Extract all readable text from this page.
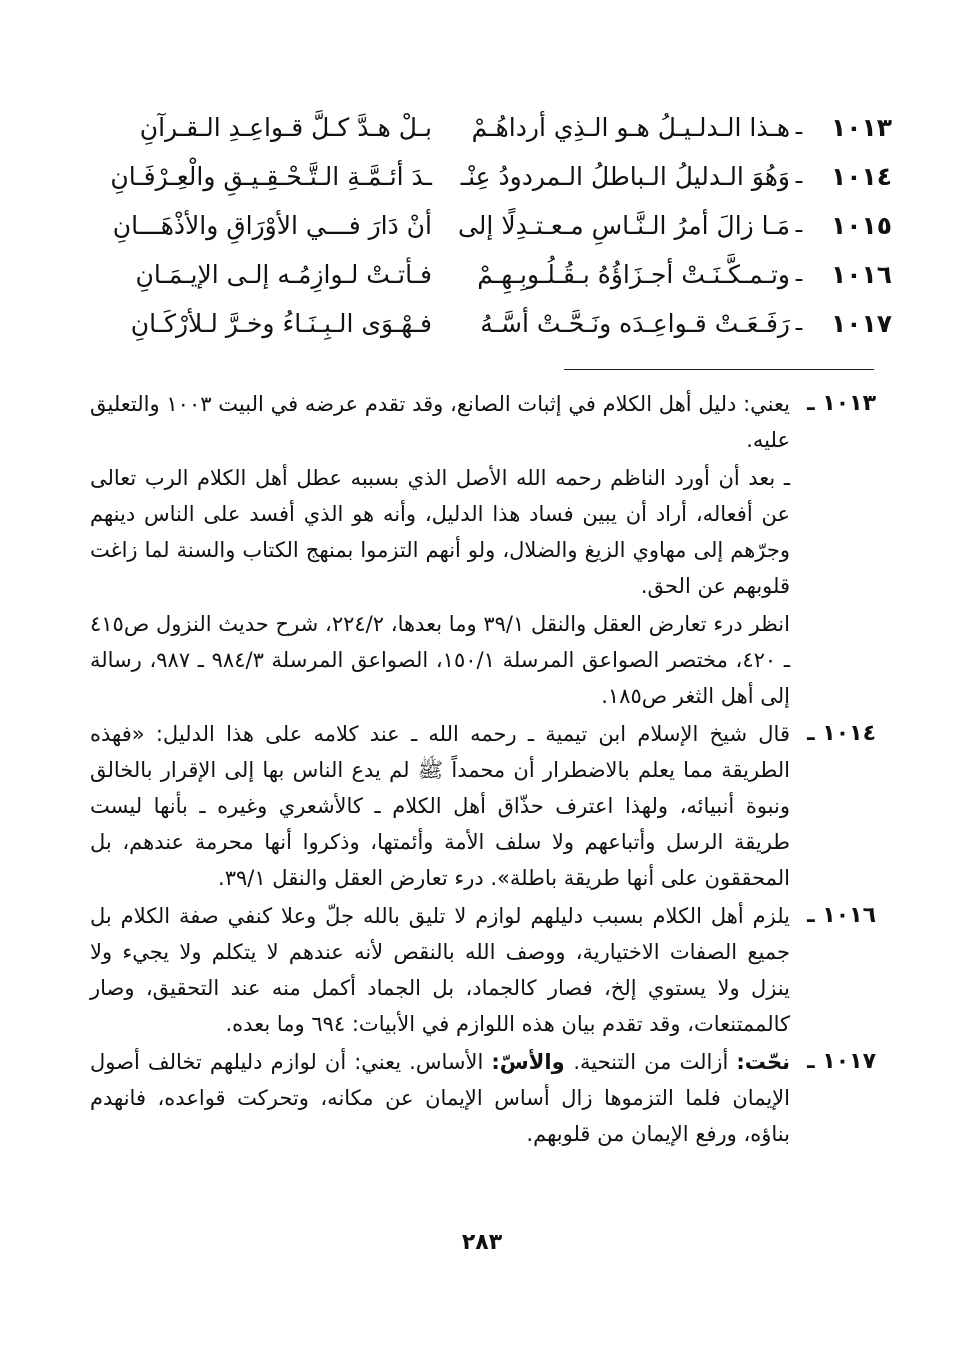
١٠١٣
ـ
هـذا الـدلـيـلُ هـو الـذِي أرداهُـمْ
بـلْ هـدَّ كـلَّ قـواعِـدِ الـقـرآنِ
١٠١٤
ـ
وَهُوَ الـدليلُ الـباطلُ الـمردودُ عِنْـ
ـدَ أئـمَّـةِ الـتَّـحْـقِـيـقِ والْعِـرْفَـانِ
١٠١٥
ـ
مَـا زالَ أمرُ الـنَّـاسِ مـعـتـدِلًا إلى
أنْ دَارَ فـــي الأوْرَاقِ والأذْهَـــانِ
١٠١٦
ـ
وتـمـكَّـنَـتْ أجـزَاؤُهُ بـقُـلُـوبِـهِـمْ
فـأتـتْ لـوازِمُـه إلـى الإيـمَـانِ
١٠١٧
ـ
رَفَـعَـتْ قـواعِـدَه ونَـحَّـتْ أسَّـهُ
فـهْـوَى الـبِـنَـاءُ وخـرَّ لـلأرْكَـانِ
١٠١٣ ـ

يعني: دليل أهل الكلام في إثبات الصانع، وقد تقدم عرضه في البيت ١٠٠٣ والتعليق عليه.

ـ بعد أن أورد الناظم رحمه الله الأصل الذي بسببه عطل أهل الكلام الرب تعالى عن أفعاله، أراد أن يبين فساد هذا الدليل، وأنه هو الذي أفسد على الناس دينهم وجرّهم إلى مهاوي الزيغ والضلال، ولو أنهم التزموا بمنهج الكتاب والسنة لما زاغت قلوبهم عن الحق.

انظر درء تعارض العقل والنقل ٣٩/١ وما بعدها، ٢٢٤/٢، شرح حديث النزول ص٤١٥ ـ ٤٢٠، مختصر الصواعق المرسلة ١٥٠/١، الصواعق المرسلة ٩٨٤/٣ ـ ٩٨٧، رسالة إلى أهل الثغر ص١٨٥.

١٠١٤ ـ

قال شيخ الإسلام ابن تيمية ـ رحمه الله ـ عند كلامه على هذا الدليل: «فهذه الطريقة مما يعلم بالاضطرار أن محمداً ﷺ لم يدع الناس بها إلى الإقرار بالخالق ونبوة أنبيائه، ولهذا اعترف حذّاق أهل الكلام ـ كالأشعري وغيره ـ بأنها ليست طريقة الرسل وأتباعهم ولا سلف الأمة وأئمتها، وذكروا أنها محرمة عندهم، بل المحققون على أنها طريقة باطلة». درء تعارض العقل والنقل ٣٩/١.

١٠١٦ ـ

يلزم أهل الكلام بسبب دليلهم لوازم لا تليق بالله جلّ وعلا كنفي صفة الكلام بل جميع الصفات الاختيارية، ووصف الله بالنقص لأنه عندهم لا يتكلم ولا يجيء ولا ينزل ولا يستوي إلخ، فصار كالجماد، بل الجماد أكمل منه عند التحقيق، وصار كالممتنعات، وقد تقدم بيان هذه اللوازم في الأبيات: ٦٩٤ وما بعده.

١٠١٧ ـ

نحّت: أزالت من التنحية. والأسّ: الأساس. يعني: أن لوازم دليلهم تخالف أصول الإيمان فلما التزموها زال أساس الإيمان عن مكانه، وتحركت قواعده، فانهدم بناؤه، ورفع الإيمان من قلوبهم.

٢٨٣
